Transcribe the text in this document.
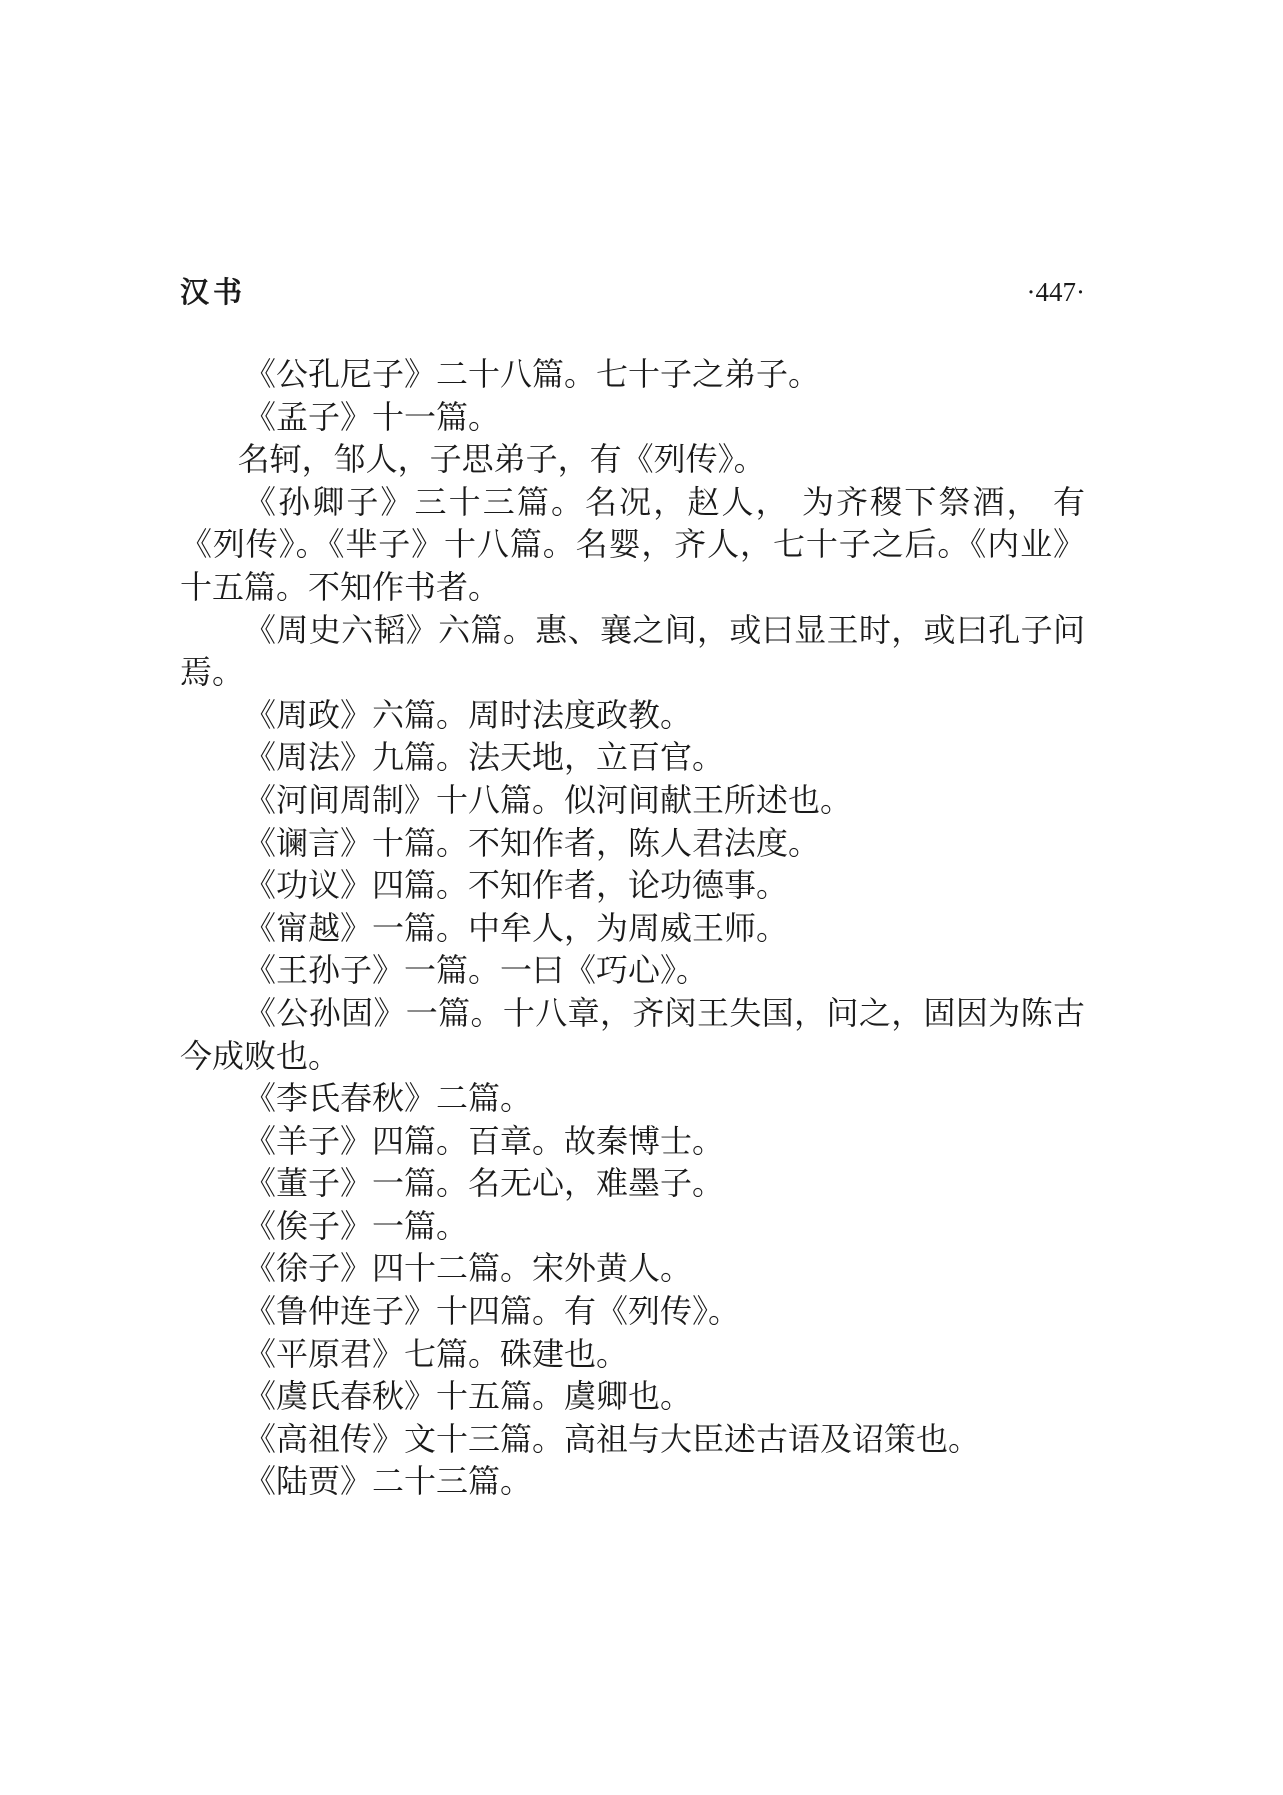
汉书	·447·

《公孔尼子》二十八篇。七十子之弟子。

《孟子》十一篇。

名轲，邹人，子思弟子，有《列传》。

《孙卿子》三十三篇。名况，赵人， 为齐稷下祭酒， 有《列传》。《芈子》十八篇。名婴，齐人，七十子之后。《内业》十五篇。不知作书者。

《周史六韬》六篇。惠、襄之间，或曰显王时，或曰孔子问焉。

《周政》六篇。周时法度政教。

《周法》九篇。法天地，立百官。

《河间周制》十八篇。似河间献王所述也。

《谰言》十篇。不知作者，陈人君法度。

《功议》四篇。不知作者，论功德事。

《甯越》一篇。中牟人，为周威王师。

《王孙子》一篇。一曰《巧心》。

《公孙固》一篇。十八章，齐闵王失国，问之，固因为陈古今成败也。

《李氏春秋》二篇。

《羊子》四篇。百章。故秦博士。

《董子》一篇。名无心，难墨子。

《俟子》一篇。

《徐子》四十二篇。宋外黄人。

《鲁仲连子》十四篇。有《列传》。

《平原君》七篇。硃建也。

《虞氏春秋》十五篇。虞卿也。

《高祖传》文十三篇。高祖与大臣述古语及诏策也。

《陆贾》二十三篇。
